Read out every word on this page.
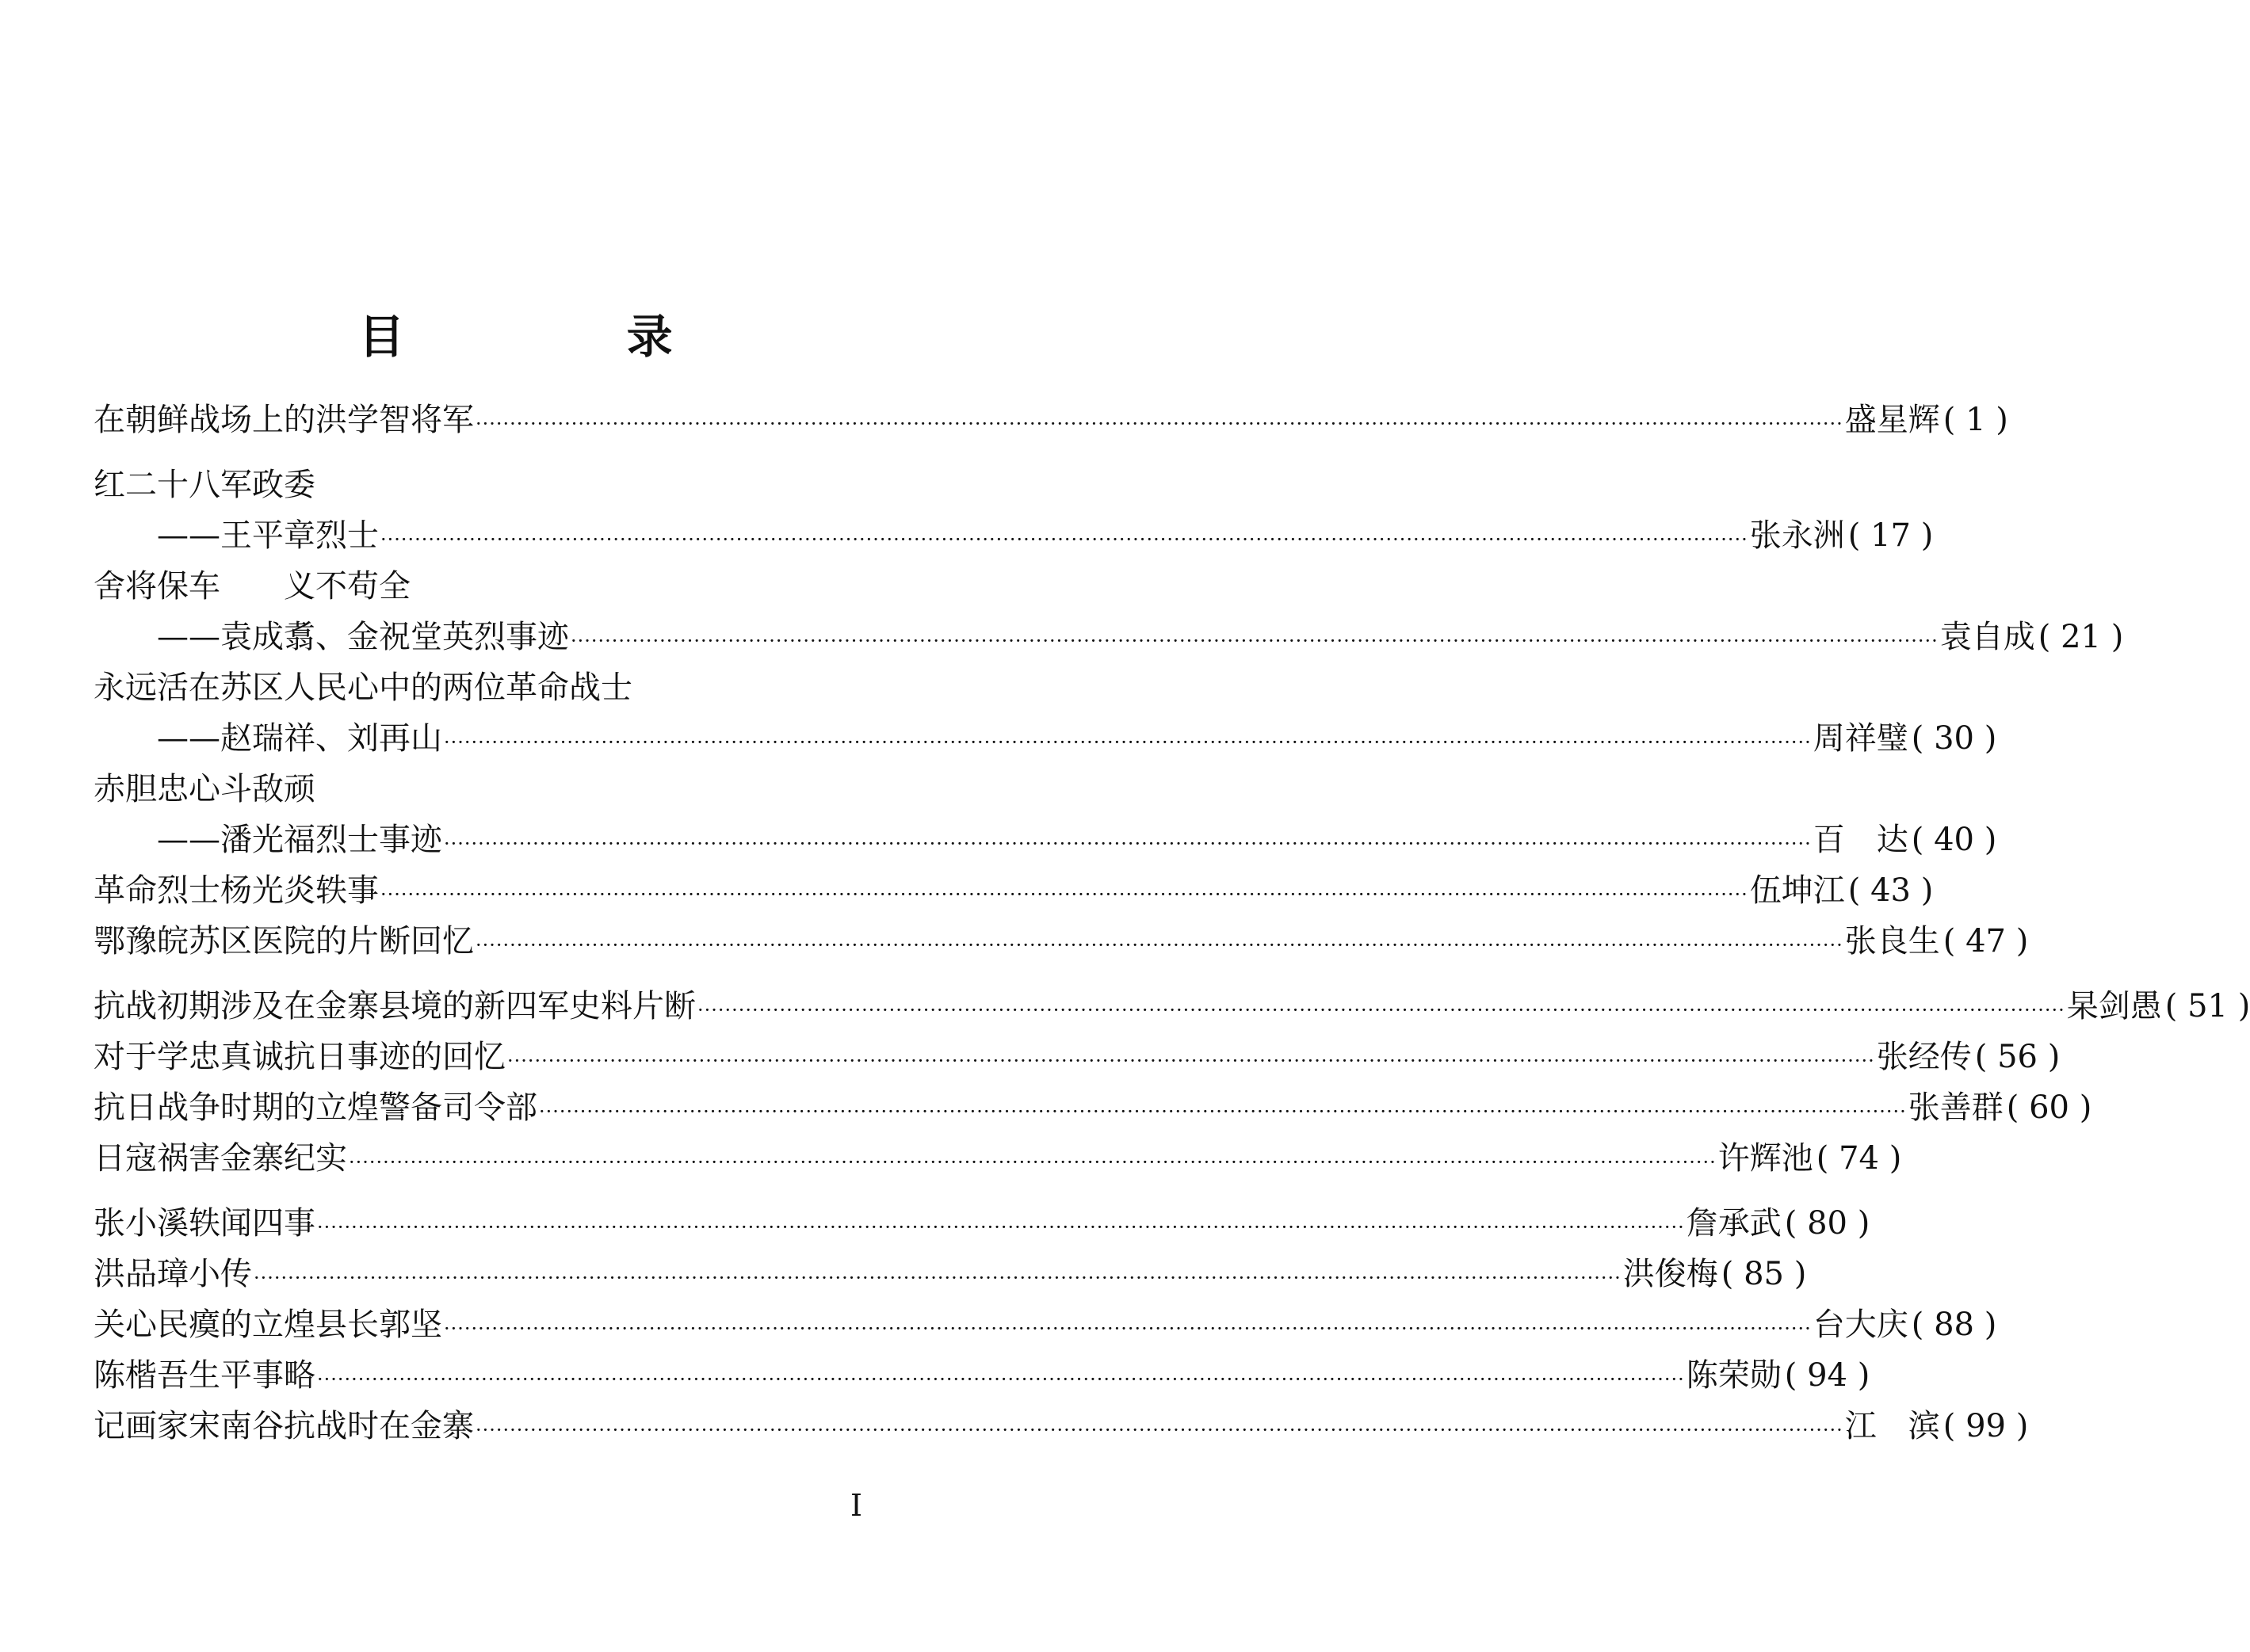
目 录
在朝鲜战场上的洪学智将军 ········································································································································································································ 盛星辉 ( 1 )
红二十八军政委
——王平章烈士 ········································································································································································································ 张永洲 ( 17 )
舍将保车　　义不苟全
——袁成翥、金祝堂英烈事迹 ········································································································································································································ 袁自成 ( 21 )
永远活在苏区人民心中的两位革命战士
——赵瑞祥、刘再山 ········································································································································································································ 周祥璧 ( 30 )
赤胆忠心斗敌顽
——潘光福烈士事迹 ········································································································································································································ 百　达 ( 40 )
革命烈士杨光炎轶事 ········································································································································································································ 伍坤江 ( 43 )
鄂豫皖苏区医院的片断回忆 ········································································································································································································ 张良生 ( 47 )
抗战初期涉及在金寨县境的新四军史料片断 ········································································································································································································ 杲剑愚 ( 51 )
对于学忠真诚抗日事迹的回忆 ········································································································································································································ 张经传 ( 56 )
抗日战争时期的立煌警备司令部 ········································································································································································································ 张善群 ( 60 )
日寇祸害金寨纪实 ········································································································································································································ 许辉池 ( 74 )
张小溪轶闻四事 ········································································································································································································ 詹承武 ( 80 )
洪品璋小传 ········································································································································································································ 洪俊梅 ( 85 )
关心民瘼的立煌县长郭坚 ········································································································································································································ 台大庆 ( 88 )
陈楷吾生平事略 ········································································································································································································ 陈荣勋 ( 94 )
记画家宋南谷抗战时在金寨 ········································································································································································································ 江　滨 ( 99 )
I
